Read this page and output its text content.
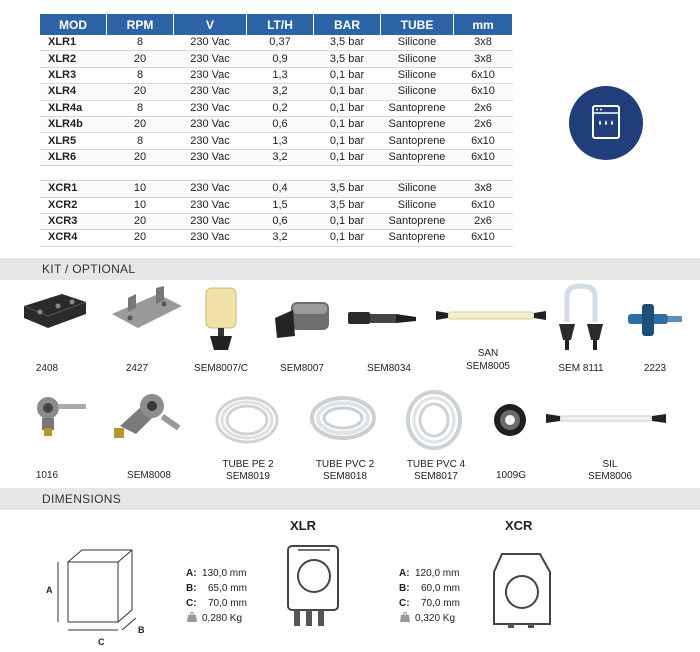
MOD	RPM	V	LT/H	BAR	TUBE	mm
XLR1	8	230 Vac	0,37	3,5 bar	Silicone	3x8
XLR2	20	230 Vac	0,9	3,5 bar	Silicone	3x8
XLR3	8	230 Vac	1,3	0,1 bar	Silicone	6x10
XLR4	20	230 Vac	3,2	0,1 bar	Silicone	6x10
XLR4a	8	230 Vac	0,2	0,1 bar	Santoprene	2x6
XLR4b	20	230 Vac	0,6	0,1 bar	Santoprene	2x6
XLR5	8	230 Vac	1,3	0,1 bar	Santoprene	6x10
XLR6	20	230 Vac	3,2	0,1 bar	Santoprene	6x10

XCR1	10	230 Vac	0,4	3,5 bar	Silicone	3x8
XCR2	10	230 Vac	1,5	3,5 bar	Silicone	6x10
XCR3	20	230 Vac	0,6	0,1 bar	Santoprene	2x6
XCR4	20	230 Vac	3,2	0,1 bar	Santoprene	6x10
KIT / OPTIONAL
2408	2427	SEM8007/C	SEM8007	SEM8034
SAN
SEM8005	SEM 8111	2223
1016	SEM8008
TUBE PE 2
SEM8019
TUBE PVC 2
SEM8018
TUBE PVC 4
SEM8017	1009G
SIL
SEM8006
DIMENSIONS
A
B
C
XLR
A: 130,0 mm
B:	65,0 mm
C:	70,0 mm
0,280 Kg
XCR
A: 120,0 mm
B:	60,0 mm
C:	70,0 mm
0,320 Kg
